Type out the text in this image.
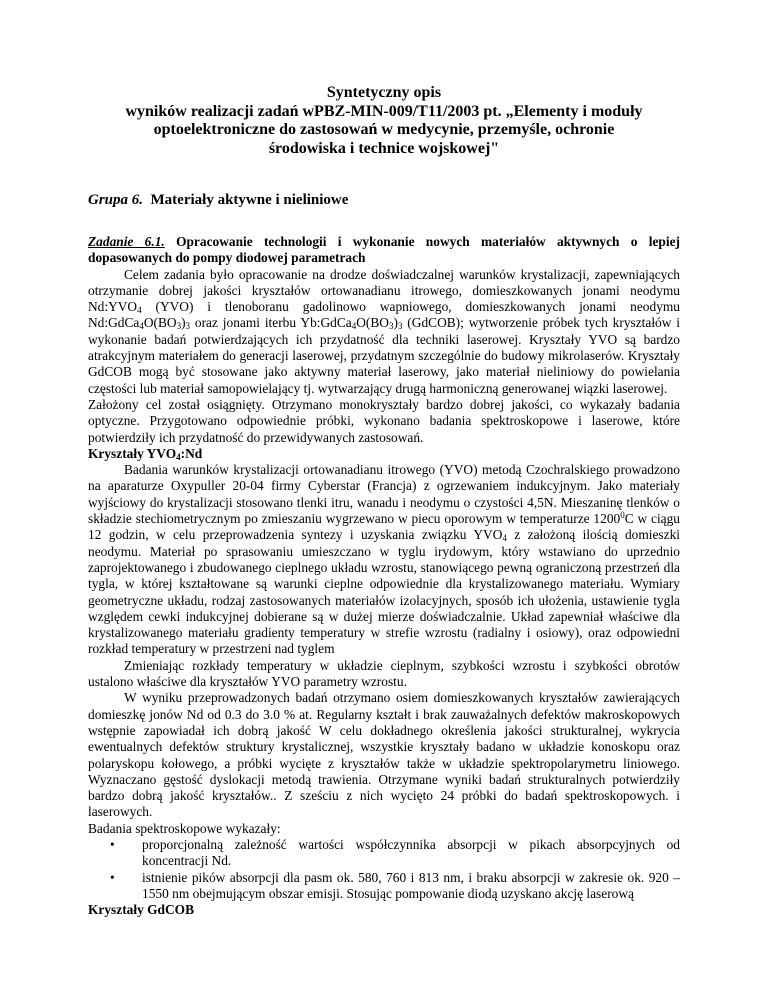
Syntetyczny opis
wyników realizacji zadań wPBZ-MIN-009/T11/2003 pt. „Elementy i moduły
optoelektroniczne do zastosowań w medycynie, przemyśle, ochronie
środowiska i technice wojskowej"
Grupa 6. Materiały aktywne i nieliniowe

Zadanie 6.1. Opracowanie technologii i wykonanie nowych materiałów aktywnych o lepiej dopasowanych do pompy diodowej parametrach

Celem zadania było opracowanie na drodze doświadczalnej warunków krystalizacji, zapewniających otrzymanie dobrej jakości kryształów ortowanadianu itrowego, domieszkowanych jonami neodymu $Nd:YVO_4$ (YVO) i tlenoboranu gadolinowo wapniowego, domieszkowanych jonami neodymu $Nd:GdCa_4O(BO_3)_3$ oraz jonami iterbu $Yb:GdCa_4O(BO_3)_3$ (GdCOB); wytworzenie próbek tych kryształów i wykonanie badań potwierdzających ich przydatność dla techniki laserowej. Kryształy YVO są bardzo atrakcyjnym materiałem do generacji laserowej, przydatnym szczególnie do budowy mikrolaserów. Kryształy GdCOB mogą być stosowane jako aktywny materiał laserowy, jako materiał nieliniowy do powielania częstości lub materiał samopowielający tj. wytwarzający drugą harmoniczną generowanej wiązki laserowej.

Założony cel został osiągnięty. Otrzymano monokryształy bardzo dobrej jakości, co wykazały badania optyczne. Przygotowano odpowiednie próbki, wykonano badania spektroskopowe i laserowe, które potwierdziły ich przydatność do przewidywanych zastosowań.

Kryształy $YVO_4:Nd$

Badania warunków krystalizacji ortowanadianu itrowego (YVO) metodą Czochralskiego prowadzono na aparaturze Oxypuller 20-04 firmy Cyberstar (Francja) z ogrzewaniem indukcyjnym. Jako materiały wyjściowy do krystalizacji stosowano tlenki itru, wanadu i neodymu o czystości 4,5N. Mieszaninę tlenków o składzie stechiometrycznym po zmieszaniu wygrzewano w piecu oporowym w temperaturze 1200$^0$C w ciągu 12 godzin, w celu przeprowadzenia syntezy i uzyskania związku $YVO_4$ z założoną ilością domieszki neodymu. Materiał po sprasowaniu umieszczano w tyglu irydowym, który wstawiano do uprzednio zaprojektowanego i zbudowanego cieplnego układu wzrostu, stanowiącego pewną ograniczoną przestrzeń dla tygla, w której kształtowane są warunki cieplne odpowiednie dla krystalizowanego materiału. Wymiary geometryczne układu, rodzaj zastosowanych materiałów izolacyjnych, sposób ich ułożenia, ustawienie tygla względem cewki indukcyjnej dobierane są w dużej mierze doświadczalnie. Układ zapewniał właściwe dla krystalizowanego materiału gradienty temperatury w strefie wzrostu (radialny i osiowy), oraz odpowiedni rozkład temperatury w przestrzeni nad tyglem

Zmieniając rozkłady temperatury w układzie cieplnym, szybkości wzrostu i szybkości obrotów ustalono właściwe dla kryształów YVO parametry wzrostu.

W wyniku przeprowadzonych badań otrzymano osiem domieszkowanych kryształów zawierających domieszkę jonów Nd od 0.3 do 3.0 % at. Regularny kształt i brak zauważalnych defektów makroskopowych wstępnie zapowiadał ich dobrą jakość W celu dokładnego określenia jakości strukturalnej, wykrycia ewentualnych defektów struktury krystalicznej, wszystkie kryształy badano w układzie konoskopu oraz polaryskopu kołowego, a próbki wycięte z kryształów także w układzie spektropolarymetru liniowego. Wyznaczano gęstość dyslokacji metodą trawienia. Otrzymane wyniki badań strukturalnych potwierdziły bardzo dobrą jakość kryształów.. Z sześciu z nich wycięto 24 próbki do badań spektroskopowych. i laserowych.

Badania spektroskopowe wykazały:

• proporcjonalną zależność wartości współczynnika absorpcji w pikach absorpcyjnych od koncentracji Nd.
• istnienie pików absorpcji dla pasm ok. 580, 760 i 813 nm, i braku absorpcji w zakresie ok. 920 – 1550 nm obejmującym obszar emisji. Stosując pompowanie diodą uzyskano akcję laserową

Kryształy GdCOB
